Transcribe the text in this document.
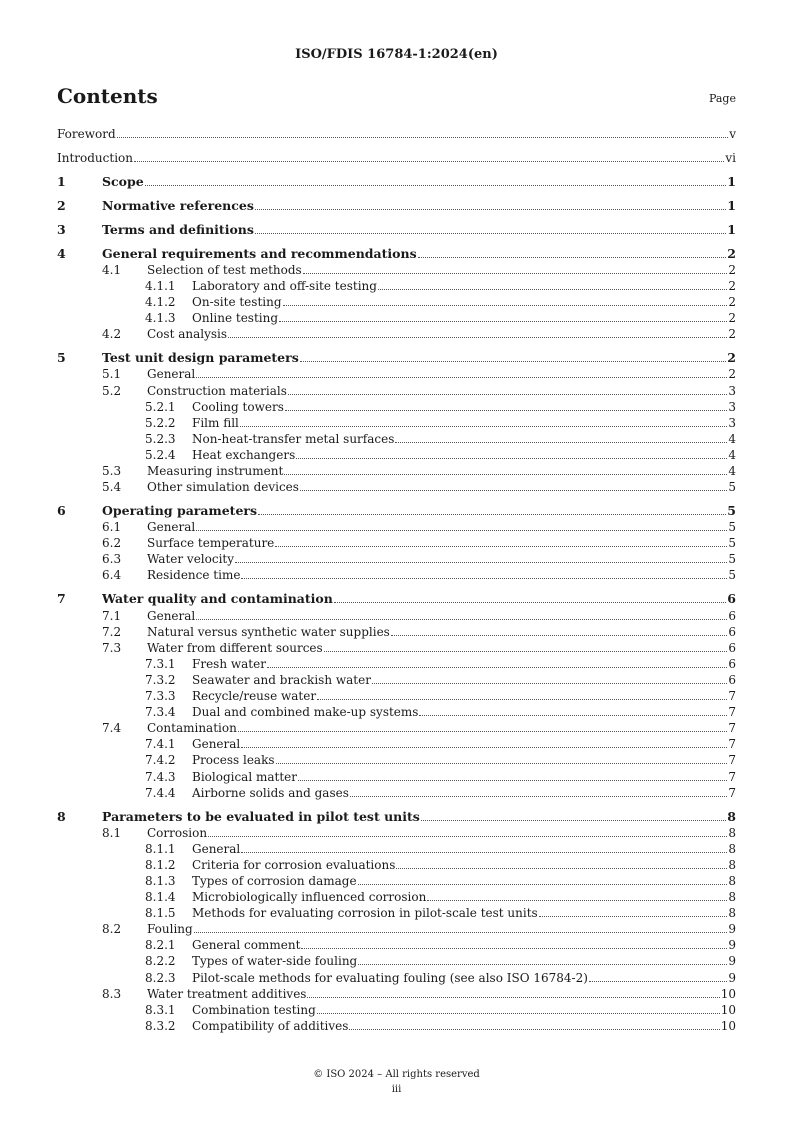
ISO/FDIS 16784-1:2024(en)
Contents	Page
Foreword	v
Introduction	vi
1	Scope	1
2	Normative references	1
3	Terms and definitions	1
4	General requirements and recommendations	2
4.1	Selection of test methods	2
4.1.1	Laboratory and off-site testing	2
4.1.2	On-site testing	2
4.1.3	Online testing	2
4.2	Cost analysis	2
5	Test unit design parameters	2
5.1	General	2
5.2	Construction materials	3
5.2.1	Cooling towers	3
5.2.2	Film fill	3
5.2.3	Non-heat-transfer metal surfaces	4
5.2.4	Heat exchangers	4
5.3	Measuring instrument	4
5.4	Other simulation devices	5
6	Operating parameters	5
6.1	General	5
6.2	Surface temperature	5
6.3	Water velocity	5
6.4	Residence time	5
7	Water quality and contamination	6
7.1	General	6
7.2	Natural versus synthetic water supplies	6
7.3	Water from different sources	6
7.3.1	Fresh water	6
7.3.2	Seawater and brackish water	6
7.3.3	Recycle/reuse water	7
7.3.4	Dual and combined make-up systems	7
7.4	Contamination	7
7.4.1	General	7
7.4.2	Process leaks	7
7.4.3	Biological matter	7
7.4.4	Airborne solids and gases	7
8	Parameters to be evaluated in pilot test units	8
8.1	Corrosion	8
8.1.1	General	8
8.1.2	Criteria for corrosion evaluations	8
8.1.3	Types of corrosion damage	8
8.1.4	Microbiologically influenced corrosion	8
8.1.5	Methods for evaluating corrosion in pilot-scale test units	8
8.2	Fouling	9
8.2.1	General comment	9
8.2.2	Types of water-side fouling	9
8.2.3	Pilot-scale methods for evaluating fouling (see also ISO 16784-2)	9
8.3	Water treatment additives	10
8.3.1	Combination testing	10
8.3.2	Compatibility of additives	10
© ISO 2024 – All rights reserved
iii
